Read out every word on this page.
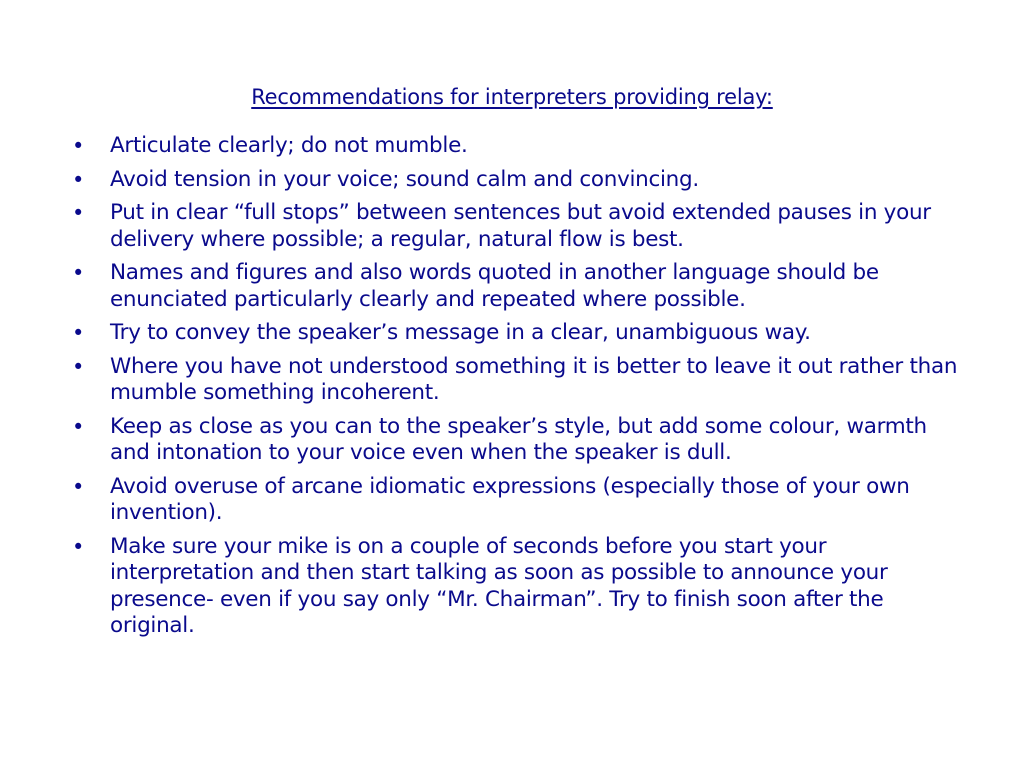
Recommendations for interpreters providing relay:
• Articulate clearly; do not mumble.
• Avoid tension in your voice; sound calm and convincing.
• Put in clear “full stops” between sentences but avoid extended pauses in your delivery where possible; a regular, natural flow is best.
• Names and figures and also words quoted in another language should be enunciated particularly clearly and repeated where possible.
• Try to convey the speaker’s message in a clear, unambiguous way.
• Where you have not understood something it is better to leave it out rather than mumble something incoherent.
• Keep as close as you can to the speaker’s style, but add some colour, warmth and intonation to your voice even when the speaker is dull.
• Avoid overuse of arcane idiomatic expressions (especially those of your own invention).
• Make sure your mike is on a couple of seconds before you start your interpretation and then start talking as soon as possible to announce your presence- even if you say only “Mr. Chairman”. Try to finish soon after the original.
